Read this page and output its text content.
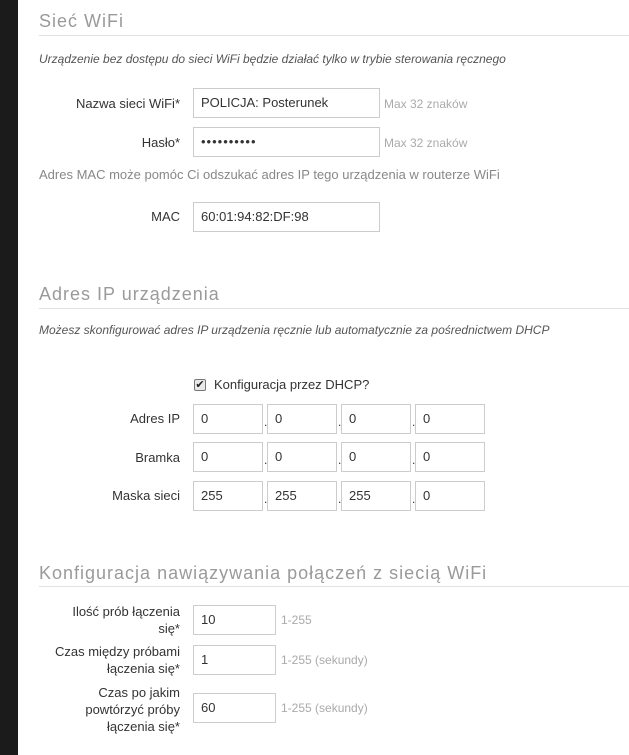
Sieć WiFi
Urządzenie bez dostępu do sieci WiFi będzie działać tylko w trybie sterowania ręcznego
Nazwa sieci WiFi*	POLICJA: Posterunek	Max 32 znaków
Hasło*	••••••••••	Max 32 znaków
Adres MAC może pomóc Ci odszukać adres IP tego urządzenia w routerze WiFi
MAC	60:01:94:82:DF:98
Adres IP urządzenia
Możesz skonfigurować adres IP urządzenia ręcznie lub automatycznie za pośrednictwem DHCP
✔ Konfiguracja przez DHCP?
Adres IP	0	. 0	. 0	. 0
Bramka	0	. 0	. 0	. 0
Maska sieci	255	. 255	. 255	. 0
Konfiguracja nawiązywania połączeń z siecią WiFi
Ilość prób łączenia
się*
10	1-255
Czas między próbami
łączenia się*
1	1-255 (sekundy)
Czas po jakim
powtórzyć próby
łączenia się*
60	1-255 (sekundy)
